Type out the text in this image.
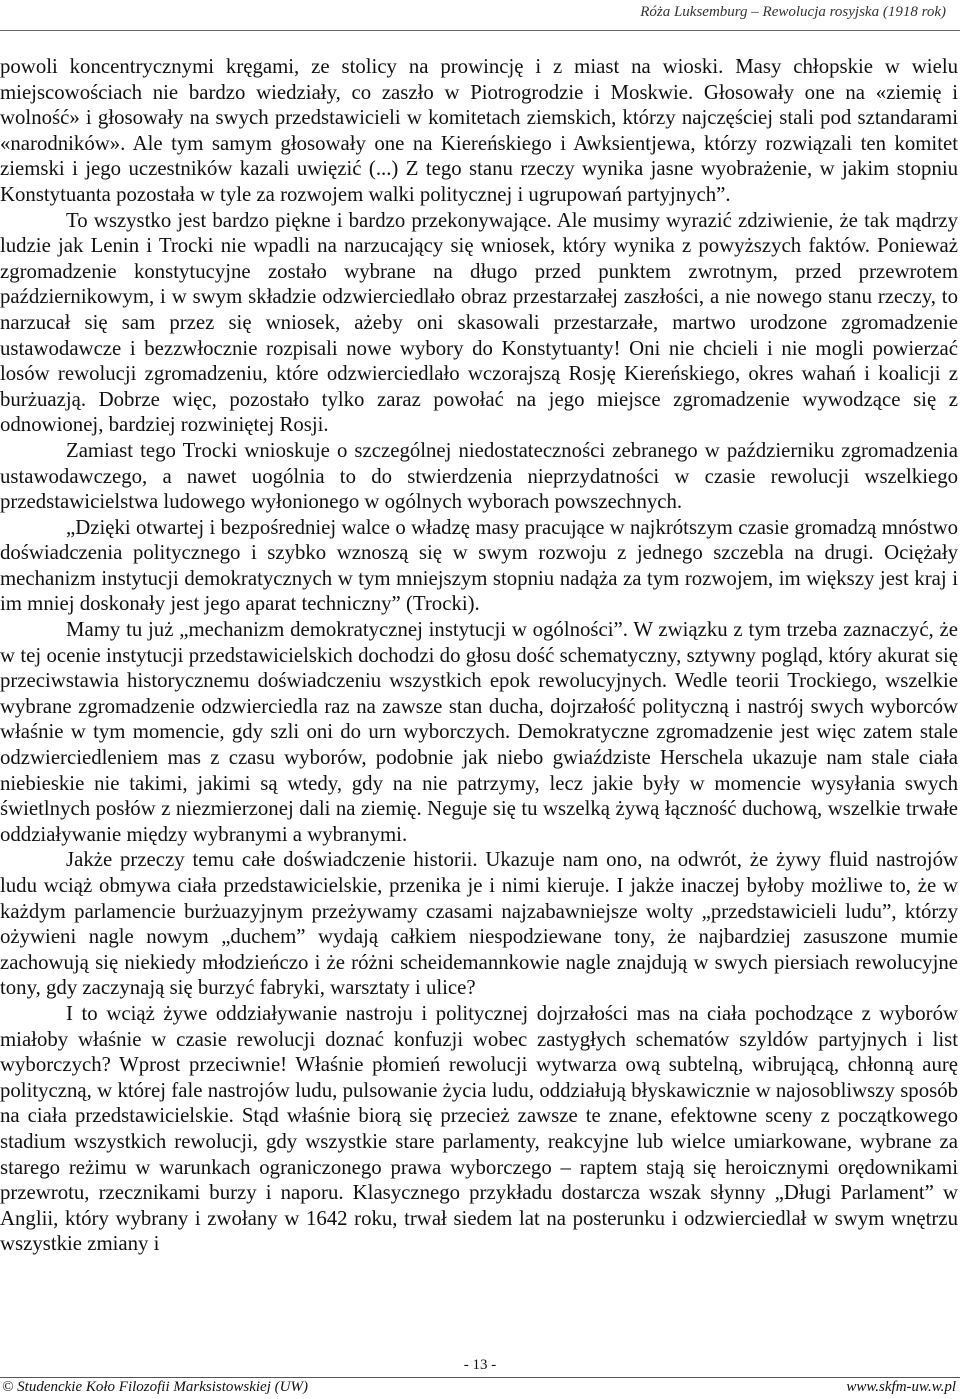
Róża Luksemburg – Rewolucja rosyjska (1918 rok)

powoli koncentrycznymi kręgami, ze stolicy na prowincję i z miast na wioski. Masy chłopskie w wielu miejscowościach nie bardzo wiedziały, co zaszło w Piotrogrodzie i Moskwie. Głosowały one na «ziemię i wolność» i głosowały na swych przedstawicieli w komitetach ziemskich, którzy najczęściej stali pod sztandarami «narodników». Ale tym samym głosowały one na Kiereńskiego i Awksientjewa, którzy rozwiązali ten komitet ziemski i jego uczestników kazali uwięzić (...) Z tego stanu rzeczy wynika jasne wyobrażenie, w jakim stopniu Konstytuanta pozostała w tyle za rozwojem walki politycznej i ugrupowań partyjnych”.

To wszystko jest bardzo piękne i bardzo przekonywające. Ale musimy wyrazić zdziwienie, że tak mądrzy ludzie jak Lenin i Trocki nie wpadli na narzucający się wniosek, który wynika z powyższych faktów. Ponieważ zgromadzenie konstytucyjne zostało wybrane na długo przed punktem zwrotnym, przed przewrotem październikowym, i w swym składzie odzwierciedlało obraz przestarzałej zaszłości, a nie nowego stanu rzeczy, to narzucał się sam przez się wniosek, ażeby oni skasowali przestarzałe, martwo urodzone zgromadzenie ustawodawcze i bezzwłocznie rozpisali nowe wybory do Konstytuanty! Oni nie chcieli i nie mogli powierzać losów rewolucji zgromadzeniu, które odzwierciedlało wczorajszą Rosję Kiereńskiego, okres wahań i koalicji z burżuazją. Dobrze więc, pozostało tylko zaraz powołać na jego miejsce zgromadzenie wywodzące się z odnowionej, bardziej rozwiniętej Rosji.

Zamiast tego Trocki wnioskuje o szczególnej niedostateczności zebranego w październiku zgromadzenia ustawodawczego, a nawet uogólnia to do stwierdzenia nieprzydatności w czasie rewolucji wszelkiego przedstawicielstwa ludowego wyłonionego w ogólnych wyborach powszechnych.

„Dzięki otwartej i bezpośredniej walce o władzę masy pracujące w najkrótszym czasie gromadzą mnóstwo doświadczenia politycznego i szybko wznoszą się w swym rozwoju z jednego szczebla na drugi. Ociężały mechanizm instytucji demokratycznych w tym mniejszym stopniu nadąża za tym rozwojem, im większy jest kraj i im mniej doskonały jest jego aparat techniczny” (Trocki).

Mamy tu już „mechanizm demokratycznej instytucji w ogólności”. W związku z tym trzeba zaznaczyć, że w tej ocenie instytucji przedstawicielskich dochodzi do głosu dość schematyczny, sztywny pogląd, który akurat się przeciwstawia historycznemu doświadczeniu wszystkich epok rewolucyjnych. Wedle teorii Trockiego, wszelkie wybrane zgromadzenie odzwierciedla raz na zawsze stan ducha, dojrzałość polityczną i nastrój swych wyborców właśnie w tym momencie, gdy szli oni do urn wyborczych. Demokratyczne zgromadzenie jest więc zatem stale odzwierciedleniem mas z czasu wyborów, podobnie jak niebo gwiaździste Herschela ukazuje nam stale ciała niebieskie nie takimi, jakimi są wtedy, gdy na nie patrzymy, lecz jakie były w momencie wysyłania swych świetlnych posłów z niezmierzonej dali na ziemię. Neguje się tu wszelką żywą łączność duchową, wszelkie trwałe oddziaływanie między wybranymi a wybranymi.

Jakże przeczy temu całe doświadczenie historii. Ukazuje nam ono, na odwrót, że żywy fluid nastrojów ludu wciąż obmywa ciała przedstawicielskie, przenika je i nimi kieruje. I jakże inaczej byłoby możliwe to, że w każdym parlamencie burżuazyjnym przeżywamy czasami najzabawniejsze wolty „przedstawicieli ludu”, którzy ożywieni nagle nowym „duchem” wydają całkiem niespodziewane tony, że najbardziej zasuszone mumie zachowują się niekiedy młodzieńczo i że różni scheidemannkowie nagle znajdują w swych piersiach rewolucyjne tony, gdy zaczynają się burzyć fabryki, warsztaty i ulice?

I to wciąż żywe oddziaływanie nastroju i politycznej dojrzałości mas na ciała pochodzące z wyborów miałoby właśnie w czasie rewolucji doznać konfuzji wobec zastygłych schematów szyldów partyjnych i list wyborczych? Wprost przeciwnie! Właśnie płomień rewolucji wytwarza ową subtelną, wibrującą, chłonną aurę polityczną, w której fale nastrojów ludu, pulsowanie życia ludu, oddziałują błyskawicznie w najosobliwszy sposób na ciała przedstawicielskie. Stąd właśnie biorą się przecież zawsze te znane, efektowne sceny z początkowego stadium wszystkich rewolucji, gdy wszystkie stare parlamenty, reakcyjne lub wielce umiarkowane, wybrane za starego reżimu w warunkach ograniczonego prawa wyborczego – raptem stają się heroicznymi orędownikami przewrotu, rzecznikami burzy i naporu. Klasycznego przykładu dostarcza wszak słynny „Długi Parlament” w Anglii, który wybrany i zwołany w 1642 roku, trwał siedem lat na posterunku i odzwierciedlał w swym wnętrzu wszystkie zmiany i

- 13 -
© Studenckie Koło Filozofii Marksistowskiej (UW)	www.skfm-uw.w.pl
